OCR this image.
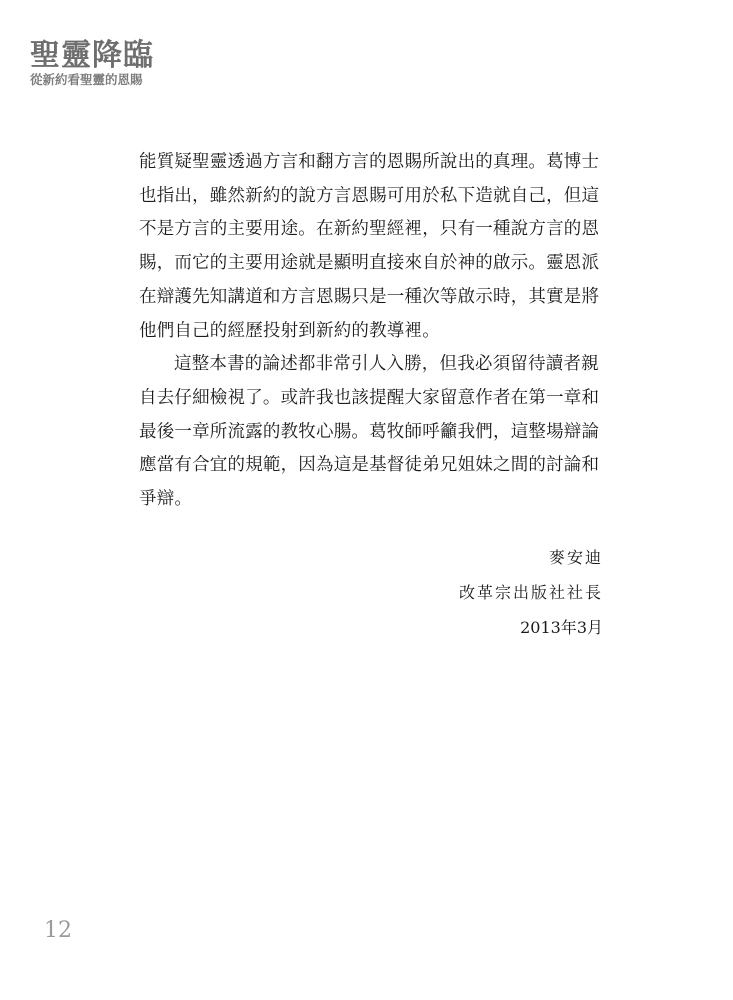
聖靈降臨
從新約看聖靈的恩賜

能質疑聖靈透過方言和翻方言的恩賜所說出的真理。葛博士也指出，雖然新約的說方言恩賜可用於私下造就自己，但這不是方言的主要用途。在新約聖經裡，只有一種說方言的恩賜，而它的主要用途就是顯明直接來自於神的啟示。靈恩派在辯護先知講道和方言恩賜只是一種次等啟示時，其實是將他們自己的經歷投射到新約的教導裡。

這整本書的論述都非常引人入勝，但我必須留待讀者親自去仔細檢視了。或許我也該提醒大家留意作者在第一章和最後一章所流露的教牧心腸。葛牧師呼籲我們，這整場辯論應當有合宜的規範，因為這是基督徒弟兄姐妹之間的討論和爭辯。

麥安迪
改革宗出版社社長
2013年3月
12
